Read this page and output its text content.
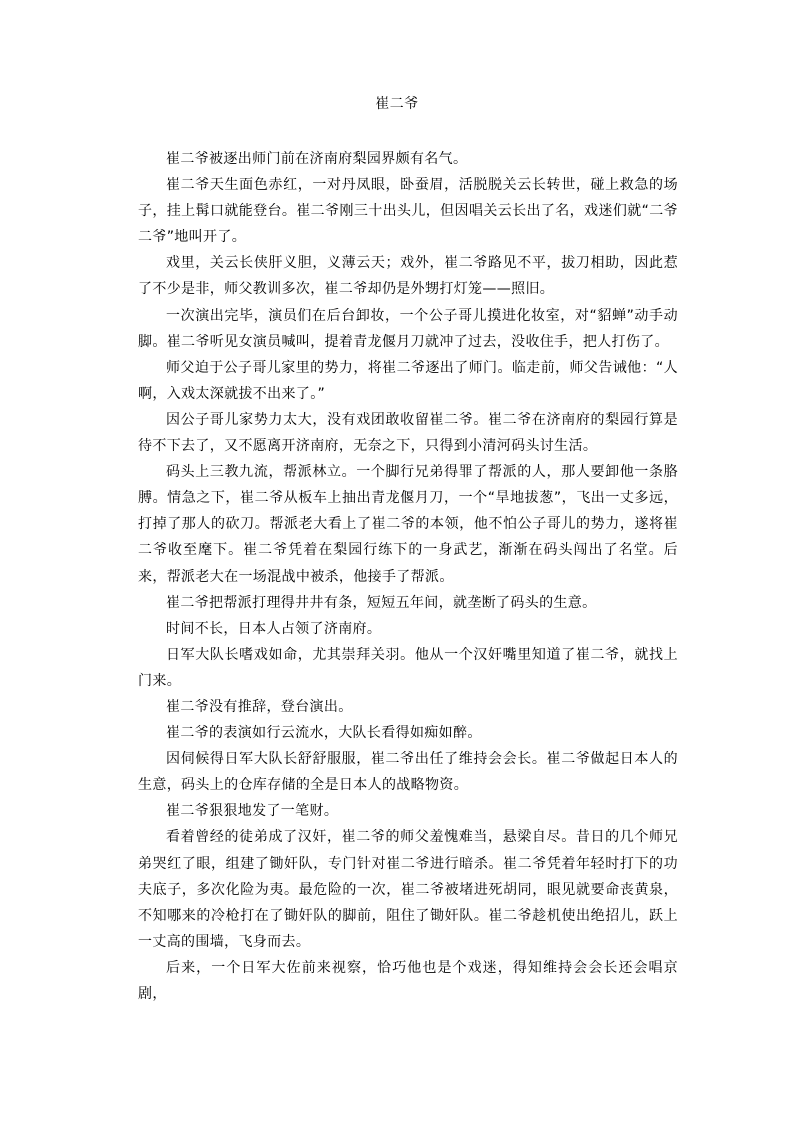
崔二爷

崔二爷被逐出师门前在济南府梨园界颇有名气。

崔二爷天生面色赤红，一对丹凤眼，卧蚕眉，活脱脱关云长转世，碰上救急的场子，挂上髯口就能登台。崔二爷刚三十出头儿，但因唱关云长出了名，戏迷们就“二爷二爷”地叫开了。

戏里，关云长侠肝义胆，义薄云天；戏外，崔二爷路见不平，拔刀相助，因此惹了不少是非，师父教训多次，崔二爷却仍是外甥打灯笼——照旧。

一次演出完毕，演员们在后台卸妆，一个公子哥儿摸进化妆室，对“貂蝉”动手动脚。崔二爷听见女演员喊叫，提着青龙偃月刀就冲了过去，没收住手，把人打伤了。

师父迫于公子哥儿家里的势力，将崔二爷逐出了师门。临走前，师父告诫他：“人啊，入戏太深就拔不出来了。”

因公子哥儿家势力太大，没有戏团敢收留崔二爷。崔二爷在济南府的梨园行算是待不下去了，又不愿离开济南府，无奈之下，只得到小清河码头讨生活。

码头上三教九流，帮派林立。一个脚行兄弟得罪了帮派的人，那人要卸他一条胳膊。情急之下，崔二爷从板车上抽出青龙偃月刀，一个“旱地拔葱”，飞出一丈多远，打掉了那人的砍刀。帮派老大看上了崔二爷的本领，他不怕公子哥儿的势力，遂将崔二爷收至麾下。崔二爷凭着在梨园行练下的一身武艺，渐渐在码头闯出了名堂。后来，帮派老大在一场混战中被杀，他接手了帮派。

崔二爷把帮派打理得井井有条，短短五年间，就垄断了码头的生意。

时间不长，日本人占领了济南府。

日军大队长嗜戏如命，尤其崇拜关羽。他从一个汉奸嘴里知道了崔二爷，就找上门来。

崔二爷没有推辞，登台演出。

崔二爷的表演如行云流水，大队长看得如痴如醉。

因伺候得日军大队长舒舒服服，崔二爷出任了维持会会长。崔二爷做起日本人的生意，码头上的仓库存储的全是日本人的战略物资。

崔二爷狠狠地发了一笔财。

看着曾经的徒弟成了汉奸，崔二爷的师父羞愧难当，悬梁自尽。昔日的几个师兄弟哭红了眼，组建了锄奸队，专门针对崔二爷进行暗杀。崔二爷凭着年轻时打下的功夫底子，多次化险为夷。最危险的一次，崔二爷被堵进死胡同，眼见就要命丧黄泉，不知哪来的冷枪打在了锄奸队的脚前，阻住了锄奸队。崔二爷趁机使出绝招儿，跃上一丈高的围墙，飞身而去。

后来，一个日军大佐前来视察，恰巧他也是个戏迷，得知维持会会长还会唱京剧，
